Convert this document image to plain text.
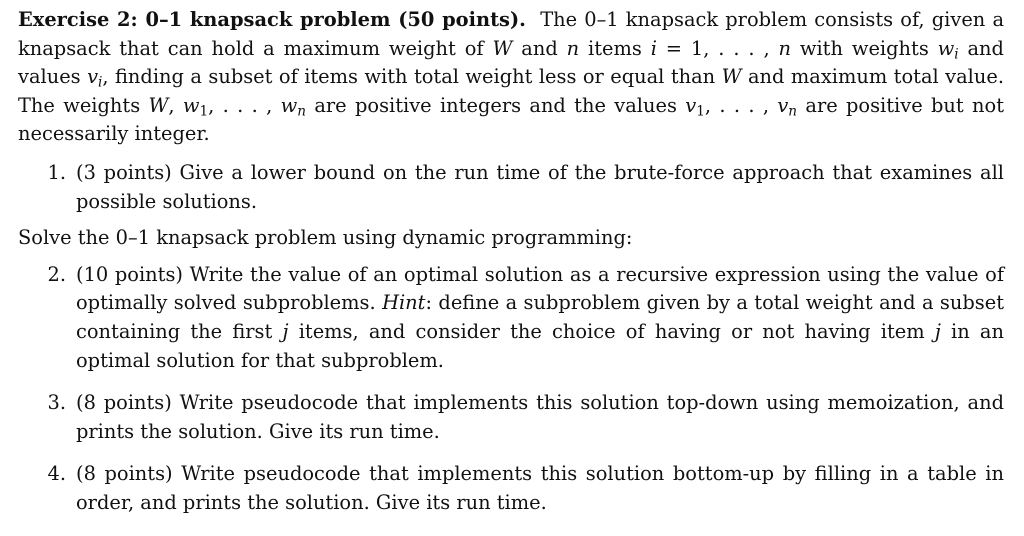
Exercise 2: 0–1 knapsack problem (50 points). The 0–1 knapsack problem consists of, given a knapsack that can hold a maximum weight of W and n items i = 1, . . . , n with weights $w_i$ and values $v_i$, finding a subset of items with total weight less or equal than W and maximum total value. The weights W, $w_1$, . . . , $w_n$ are positive integers and the values $v_1$, . . . , $v_n$ are positive but not necessarily integer.

1. (3 points) Give a lower bound on the run time of the brute-force approach that examines all possible solutions.

Solve the 0–1 knapsack problem using dynamic programming:

2. (10 points) Write the value of an optimal solution as a recursive expression using the value of optimally solved subproblems. Hint: define a subproblem given by a total weight and a subset containing the first j items, and consider the choice of having or not having item j in an optimal solution for that subproblem.
3. (8 points) Write pseudocode that implements this solution top-down using memoization, and prints the solution. Give its run time.
4. (8 points) Write pseudocode that implements this solution bottom-up by filling in a table in order, and prints the solution. Give its run time.
